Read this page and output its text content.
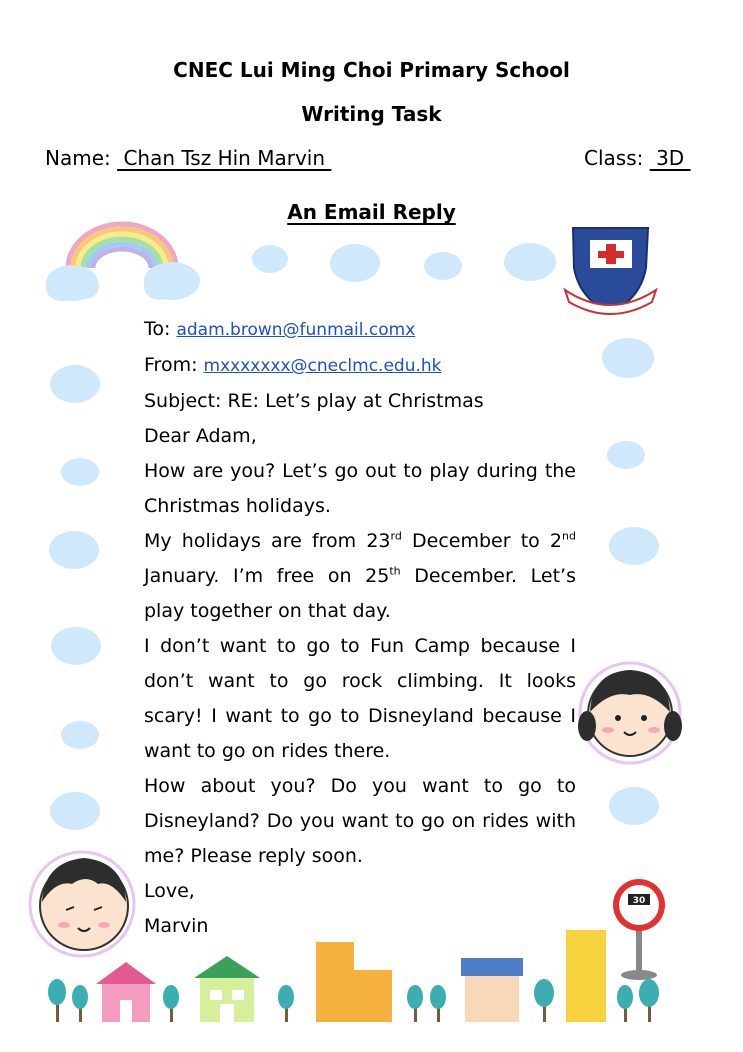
CNEC Lui Ming Choi Primary School
Writing Task
Name:  Chan Tsz Hin Marvin	Class:  3D
An Email Reply
30

To: adam.brown@funmail.comx

From: mxxxxxxx@cneclmc.edu.hk

Subject: RE: Let’s play at Christmas

Dear Adam,

How are you? Let’s go out to play during the Christmas holidays.

My holidays are from 23rd December to 2nd January. I’m free on 25th December. Let’s play together on that day.

I don’t want to go to Fun Camp because I don’t want to go rock climbing. It looks scary! I want to go to Disneyland because I want to go on rides there.

How about you? Do you want to go to Disneyland? Do you want to go on rides with me? Please reply soon.

Love,

Marvin
